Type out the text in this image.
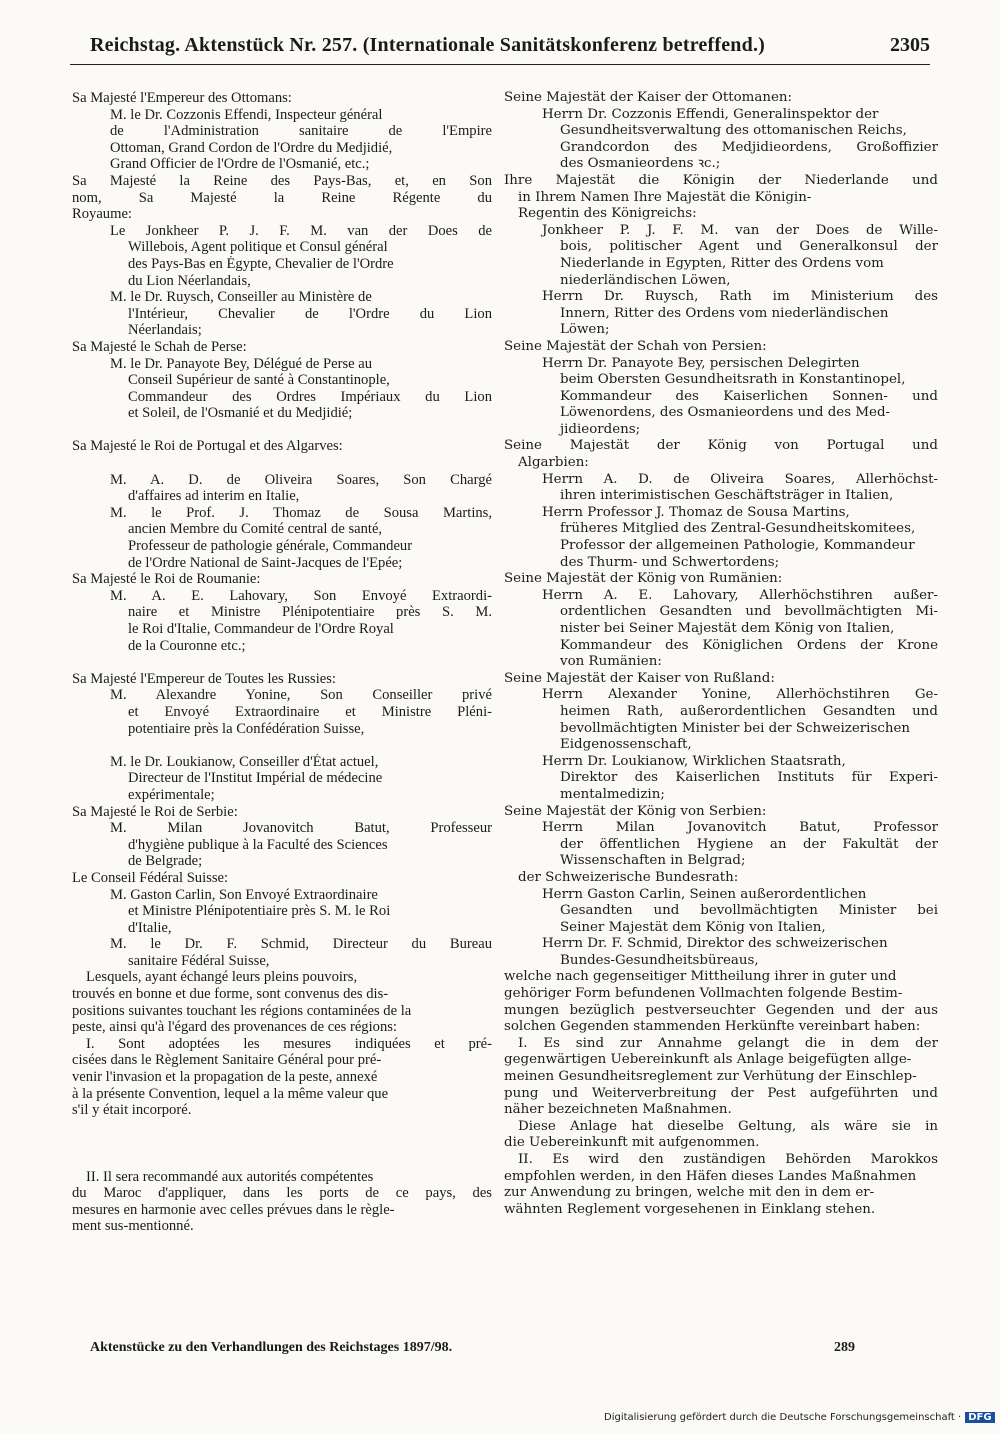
Reichstag. Aktenstück Nr. 257. (Internationale Sanitätskonferenz betreffend.)	2305
Sa Majesté l'Empereur des Ottomans:
M. le Dr. Cozzonis Effendi, Inspecteur général
de l'Administration sanitaire de l'Empire
Ottoman, Grand Cordon de l'Ordre du Medjidié,
Grand Officier de l'Ordre de l'Osmanié, etc.;
Sa Majesté la Reine des Pays-Bas, et, en Son
nom, Sa Majesté la Reine Régente du
Royaume:
Le Jonkheer P. J. F. M. van der Does de
Willebois, Agent politique et Consul général
des Pays-Bas en Égypte, Chevalier de l'Ordre
du Lion Néerlandais,
M. le Dr. Ruysch, Conseiller au Ministère de
l'Intérieur, Chevalier de l'Ordre du Lion
Néerlandais;
Sa Majesté le Schah de Perse:
M. le Dr. Panayote Bey, Délégué de Perse au
Conseil Supérieur de santé à Constantinople,
Commandeur des Ordres Impériaux du Lion
et Soleil, de l'Osmanié et du Medjidié;

Sa Majesté le Roi de Portugal et des Algarves:

M. A. D. de Oliveira Soares, Son Chargé
d'affaires ad interim en Italie,
M. le Prof. J. Thomaz de Sousa Martins,
ancien Membre du Comité central de santé,
Professeur de pathologie générale, Commandeur
de l'Ordre National de Saint-Jacques de l'Epée;
Sa Majesté le Roi de Roumanie:
M. A. E. Lahovary, Son Envoyé Extraordi-
naire et Ministre Plénipotentiaire près S. M.
le Roi d'Italie, Commandeur de l'Ordre Royal
de la Couronne etc.;

Sa Majesté l'Empereur de Toutes les Russies:
M. Alexandre Yonine, Son Conseiller privé
et Envoyé Extraordinaire et Ministre Pléni-
potentiaire près la Confédération Suisse,

M. le Dr. Loukianow, Conseiller d'État actuel,
Directeur de l'Institut Impérial de médecine
expérimentale;
Sa Majesté le Roi de Serbie:
M. Milan Jovanovitch Batut, Professeur
d'hygiène publique à la Faculté des Sciences
de Belgrade;
Le Conseil Fédéral Suisse:
M. Gaston Carlin, Son Envoyé Extraordinaire
et Ministre Plénipotentiaire près S. M. le Roi
d'Italie,
M. le Dr. F. Schmid, Directeur du Bureau
sanitaire Fédéral Suisse,
Lesquels, ayant échangé leurs pleins pouvoirs,
trouvés en bonne et due forme, sont convenus des dis-
positions suivantes touchant les régions contaminées de la
peste, ainsi qu'à l'égard des provenances de ces régions:
I. Sont adoptées les mesures indiquées et pré-
cisées dans le Règlement Sanitaire Général pour pré-
venir l'invasion et la propagation de la peste, annexé
à la présente Convention, lequel a la même valeur que
s'il y était incorporé.

II. Il sera recommandé aux autorités compétentes
du Maroc d'appliquer, dans les ports de ce pays, des
mesures en harmonie avec celles prévues dans le règle-
ment sus-mentionné.
Seine Majestät der Kaiser der Ottomanen:
Herrn Dr. Cozzonis Effendi, Generalinspektor der
Gesundheitsverwaltung des ottomanischen Reichs,
Grandcordon des Medjidieordens, Großoffizier
des Osmanieordens ꝛc.;
Ihre Majestät die Königin der Niederlande und
in Ihrem Namen Ihre Majestät die Königin-
Regentin des Königreichs:
Jonkheer P. J. F. M. van der Does de Wille-
bois, politischer Agent und Generalkonsul der
Niederlande in Egypten, Ritter des Ordens vom
niederländischen Löwen,
Herrn Dr. Ruysch, Rath im Ministerium des
Innern, Ritter des Ordens vom niederländischen
Löwen;
Seine Majestät der Schah von Persien:
Herrn Dr. Panayote Bey, persischen Delegirten
beim Obersten Gesundheitsrath in Konstantinopel,
Kommandeur des Kaiserlichen Sonnen- und
Löwenordens, des Osmanieordens und des Med-
jidieordens;
Seine Majestät der König von Portugal und
Algarbien:
Herrn A. D. de Oliveira Soares, Allerhöchst-
ihren interimistischen Geschäftsträger in Italien,
Herrn Professor J. Thomaz de Sousa Martins,
früheres Mitglied des Zentral-Gesundheitskomitees,
Professor der allgemeinen Pathologie, Kommandeur
des Thurm- und Schwertordens;
Seine Majestät der König von Rumänien:
Herrn A. E. Lahovary, Allerhöchstihren außer-
ordentlichen Gesandten und bevollmächtigten Mi-
nister bei Seiner Majestät dem König von Italien,
Kommandeur des Königlichen Ordens der Krone
von Rumänien:
Seine Majestät der Kaiser von Rußland:
Herrn Alexander Yonine, Allerhöchstihren Ge-
heimen Rath, außerordentlichen Gesandten und
bevollmächtigten Minister bei der Schweizerischen
Eidgenossenschaft,
Herrn Dr. Loukianow, Wirklichen Staatsrath,
Direktor des Kaiserlichen Instituts für Experi-
mentalmedizin;
Seine Majestät der König von Serbien:
Herrn Milan Jovanovitch Batut, Professor
der öffentlichen Hygiene an der Fakultät der
Wissenschaften in Belgrad;
der Schweizerische Bundesrath:
Herrn Gaston Carlin, Seinen außerordentlichen
Gesandten und bevollmächtigten Minister bei
Seiner Majestät dem König von Italien,
Herrn Dr. F. Schmid, Direktor des schweizerischen
Bundes-Gesundheitsbüreaus,
welche nach gegenseitiger Mittheilung ihrer in guter und
gehöriger Form befundenen Vollmachten folgende Bestim-
mungen bezüglich pestverseuchter Gegenden und der aus
solchen Gegenden stammenden Herkünfte vereinbart haben:
I. Es sind zur Annahme gelangt die in dem der
gegenwärtigen Uebereinkunft als Anlage beigefügten allge-
meinen Gesundheitsreglement zur Verhütung der Einschlep-
pung und Weiterverbreitung der Pest aufgeführten und
näher bezeichneten Maßnahmen.
Diese Anlage hat dieselbe Geltung, als wäre sie in
die Uebereinkunft mit aufgenommen.
II. Es wird den zuständigen Behörden Marokkos
empfohlen werden, in den Häfen dieses Landes Maßnahmen
zur Anwendung zu bringen, welche mit den in dem er-
wähnten Reglement vorgesehenen in Einklang stehen.
Aktenstücke zu den Verhandlungen des Reichstages 1897/98.	289
Digitalisierung gefördert durch die Deutsche Forschungsgemeinschaft · DFG
